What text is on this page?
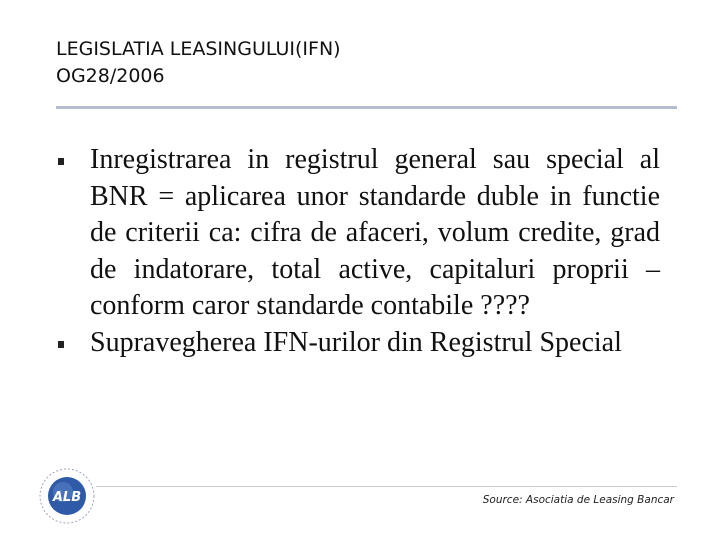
LEGISLATIA LEASINGULUI(IFN)
OG28/2006
Inregistrarea in registrul general sau special al BNR = aplicarea unor standarde duble in functie de criterii ca: cifra de afaceri, volum credite, grad de indatorare, total active, capitaluri proprii – conform caror standarde contabile ????
Supravegherea IFN-urilor din Registrul Special
ALB	Source: Asociatia de Leasing Bancar
